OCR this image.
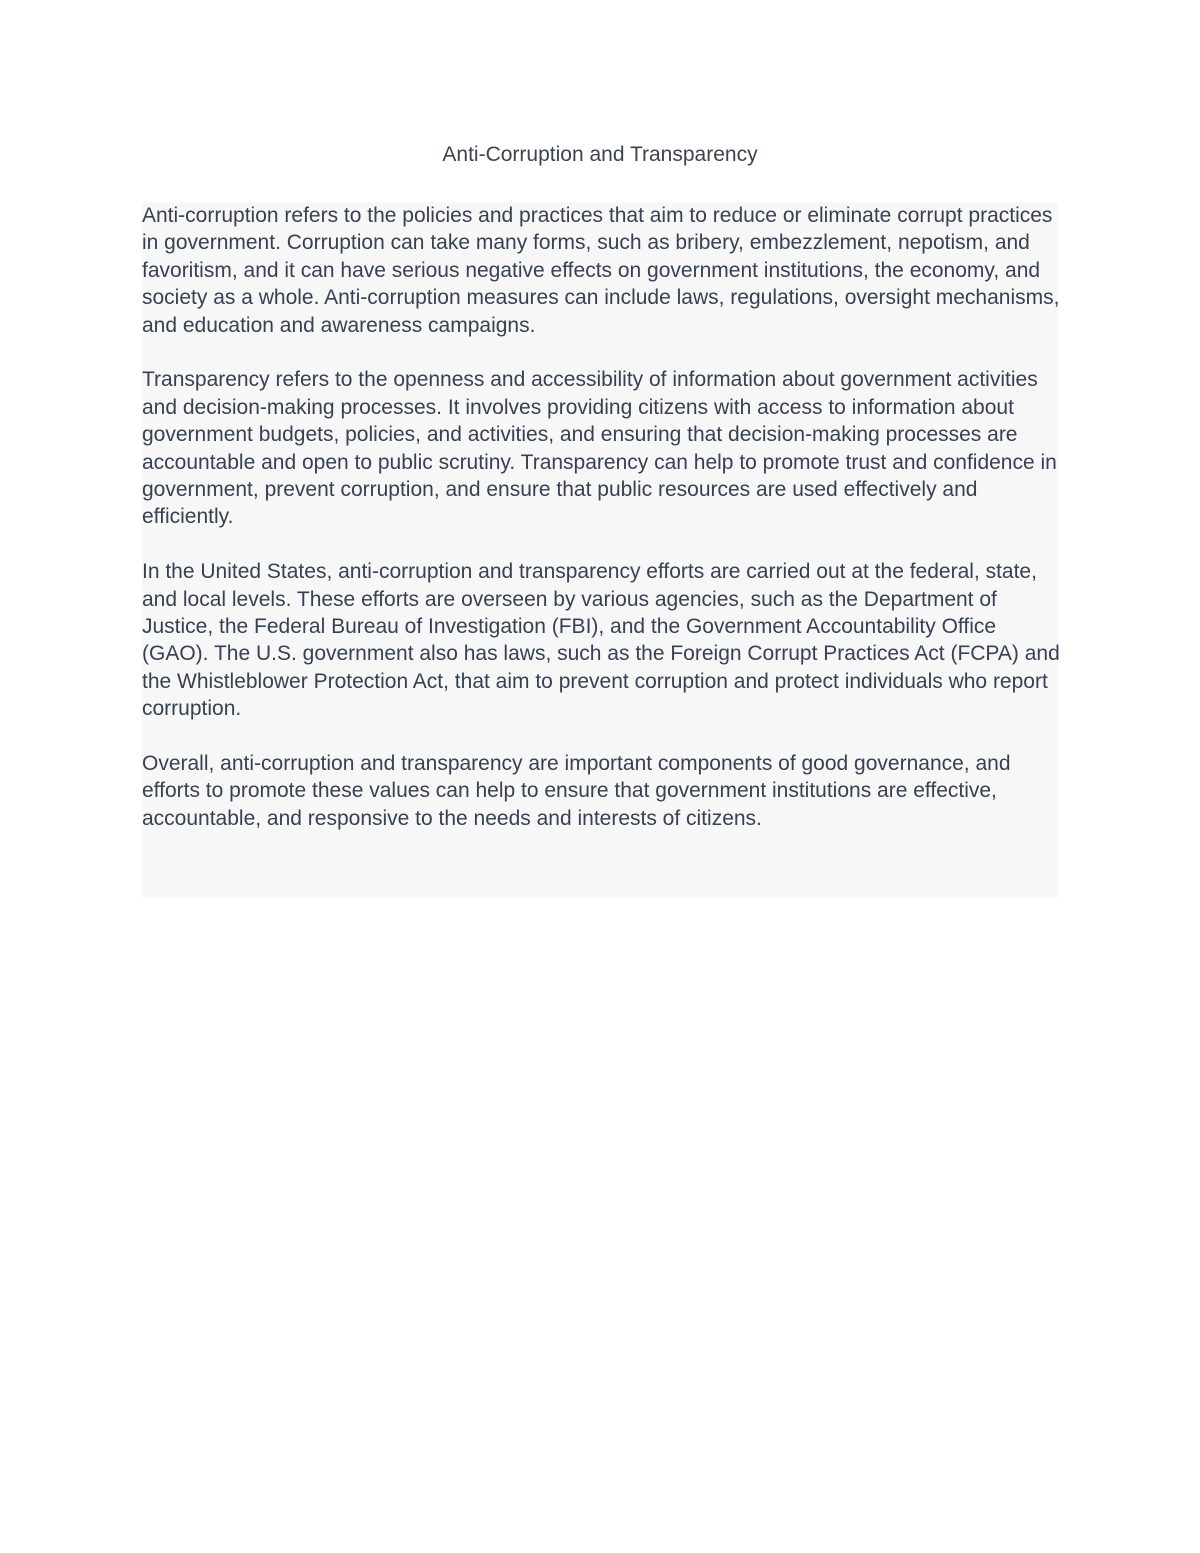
Anti-Corruption and Transparency

Anti-corruption refers to the policies and practices that aim to reduce or eliminate corrupt practices in government. Corruption can take many forms, such as bribery, embezzlement, nepotism, and favoritism, and it can have serious negative effects on government institutions, the economy, and society as a whole. Anti-corruption measures can include laws, regulations, oversight mechanisms, and education and awareness campaigns.

Transparency refers to the openness and accessibility of information about government activities and decision-making processes. It involves providing citizens with access to information about government budgets, policies, and activities, and ensuring that decision-making processes are accountable and open to public scrutiny. Transparency can help to promote trust and confidence in government, prevent corruption, and ensure that public resources are used effectively and efficiently.

In the United States, anti-corruption and transparency efforts are carried out at the federal, state, and local levels. These efforts are overseen by various agencies, such as the Department of Justice, the Federal Bureau of Investigation (FBI), and the Government Accountability Office (GAO). The U.S. government also has laws, such as the Foreign Corrupt Practices Act (FCPA) and the Whistleblower Protection Act, that aim to prevent corruption and protect individuals who report corruption.

Overall, anti-corruption and transparency are important components of good governance, and efforts to promote these values can help to ensure that government institutions are effective, accountable, and responsive to the needs and interests of citizens.
